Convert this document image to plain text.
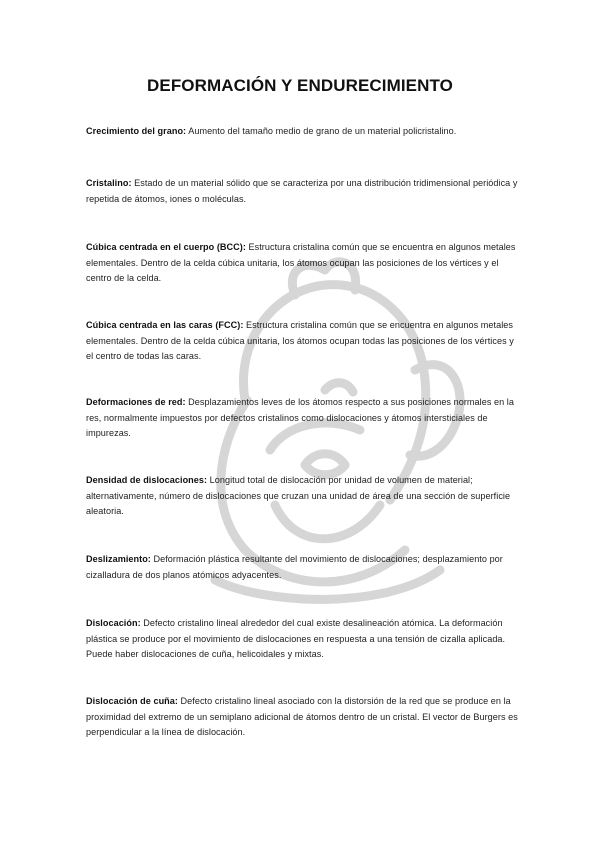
DEFORMACIÓN Y ENDURECIMIENTO
Crecimiento del grano: Aumento del tamaño medio de grano de un material policristalino.
Cristalino: Estado de un material sólido que se caracteriza por una distribución tridimensional periódica y repetida de átomos, iones o moléculas.
Cúbica centrada en el cuerpo (BCC): Estructura cristalina común que se encuentra en algunos metales elementales. Dentro de la celda cúbica unitaria, los átomos ocupan las posiciones de los vértices y el centro de la celda.
Cúbica centrada en las caras (FCC): Estructura cristalina común que se encuentra en algunos metales elementales. Dentro de la celda cúbica unitaria, los átomos ocupan todas las posiciones de los vértices y el centro de todas las caras.
Deformaciones de red: Desplazamientos leves de los átomos respecto a sus posiciones normales en la res, normalmente impuestos por defectos cristalinos como dislocaciones y átomos intersticiales de impurezas.
Densidad de dislocaciones: Longitud total de dislocación por unidad de volumen de material; alternativamente, número de dislocaciones que cruzan una unidad de área de una sección de superficie aleatoria.
Deslizamiento: Deformación plástica resultante del movimiento de dislocaciones; desplazamiento por cizalladura de dos planos atómicos adyacentes.
Dislocación: Defecto cristalino lineal alrededor del cual existe desalineación atómica. La deformación plástica se produce por el movimiento de dislocaciones en respuesta a una tensión de cizalla aplicada. Puede haber dislocaciones de cuña, helicoidales y mixtas.
Dislocación de cuña: Defecto cristalino lineal asociado con la distorsión de la red que se produce en la proximidad del extremo de un semiplano adicional de átomos dentro de un cristal. El vector de Burgers es perpendicular a la línea de dislocación.
